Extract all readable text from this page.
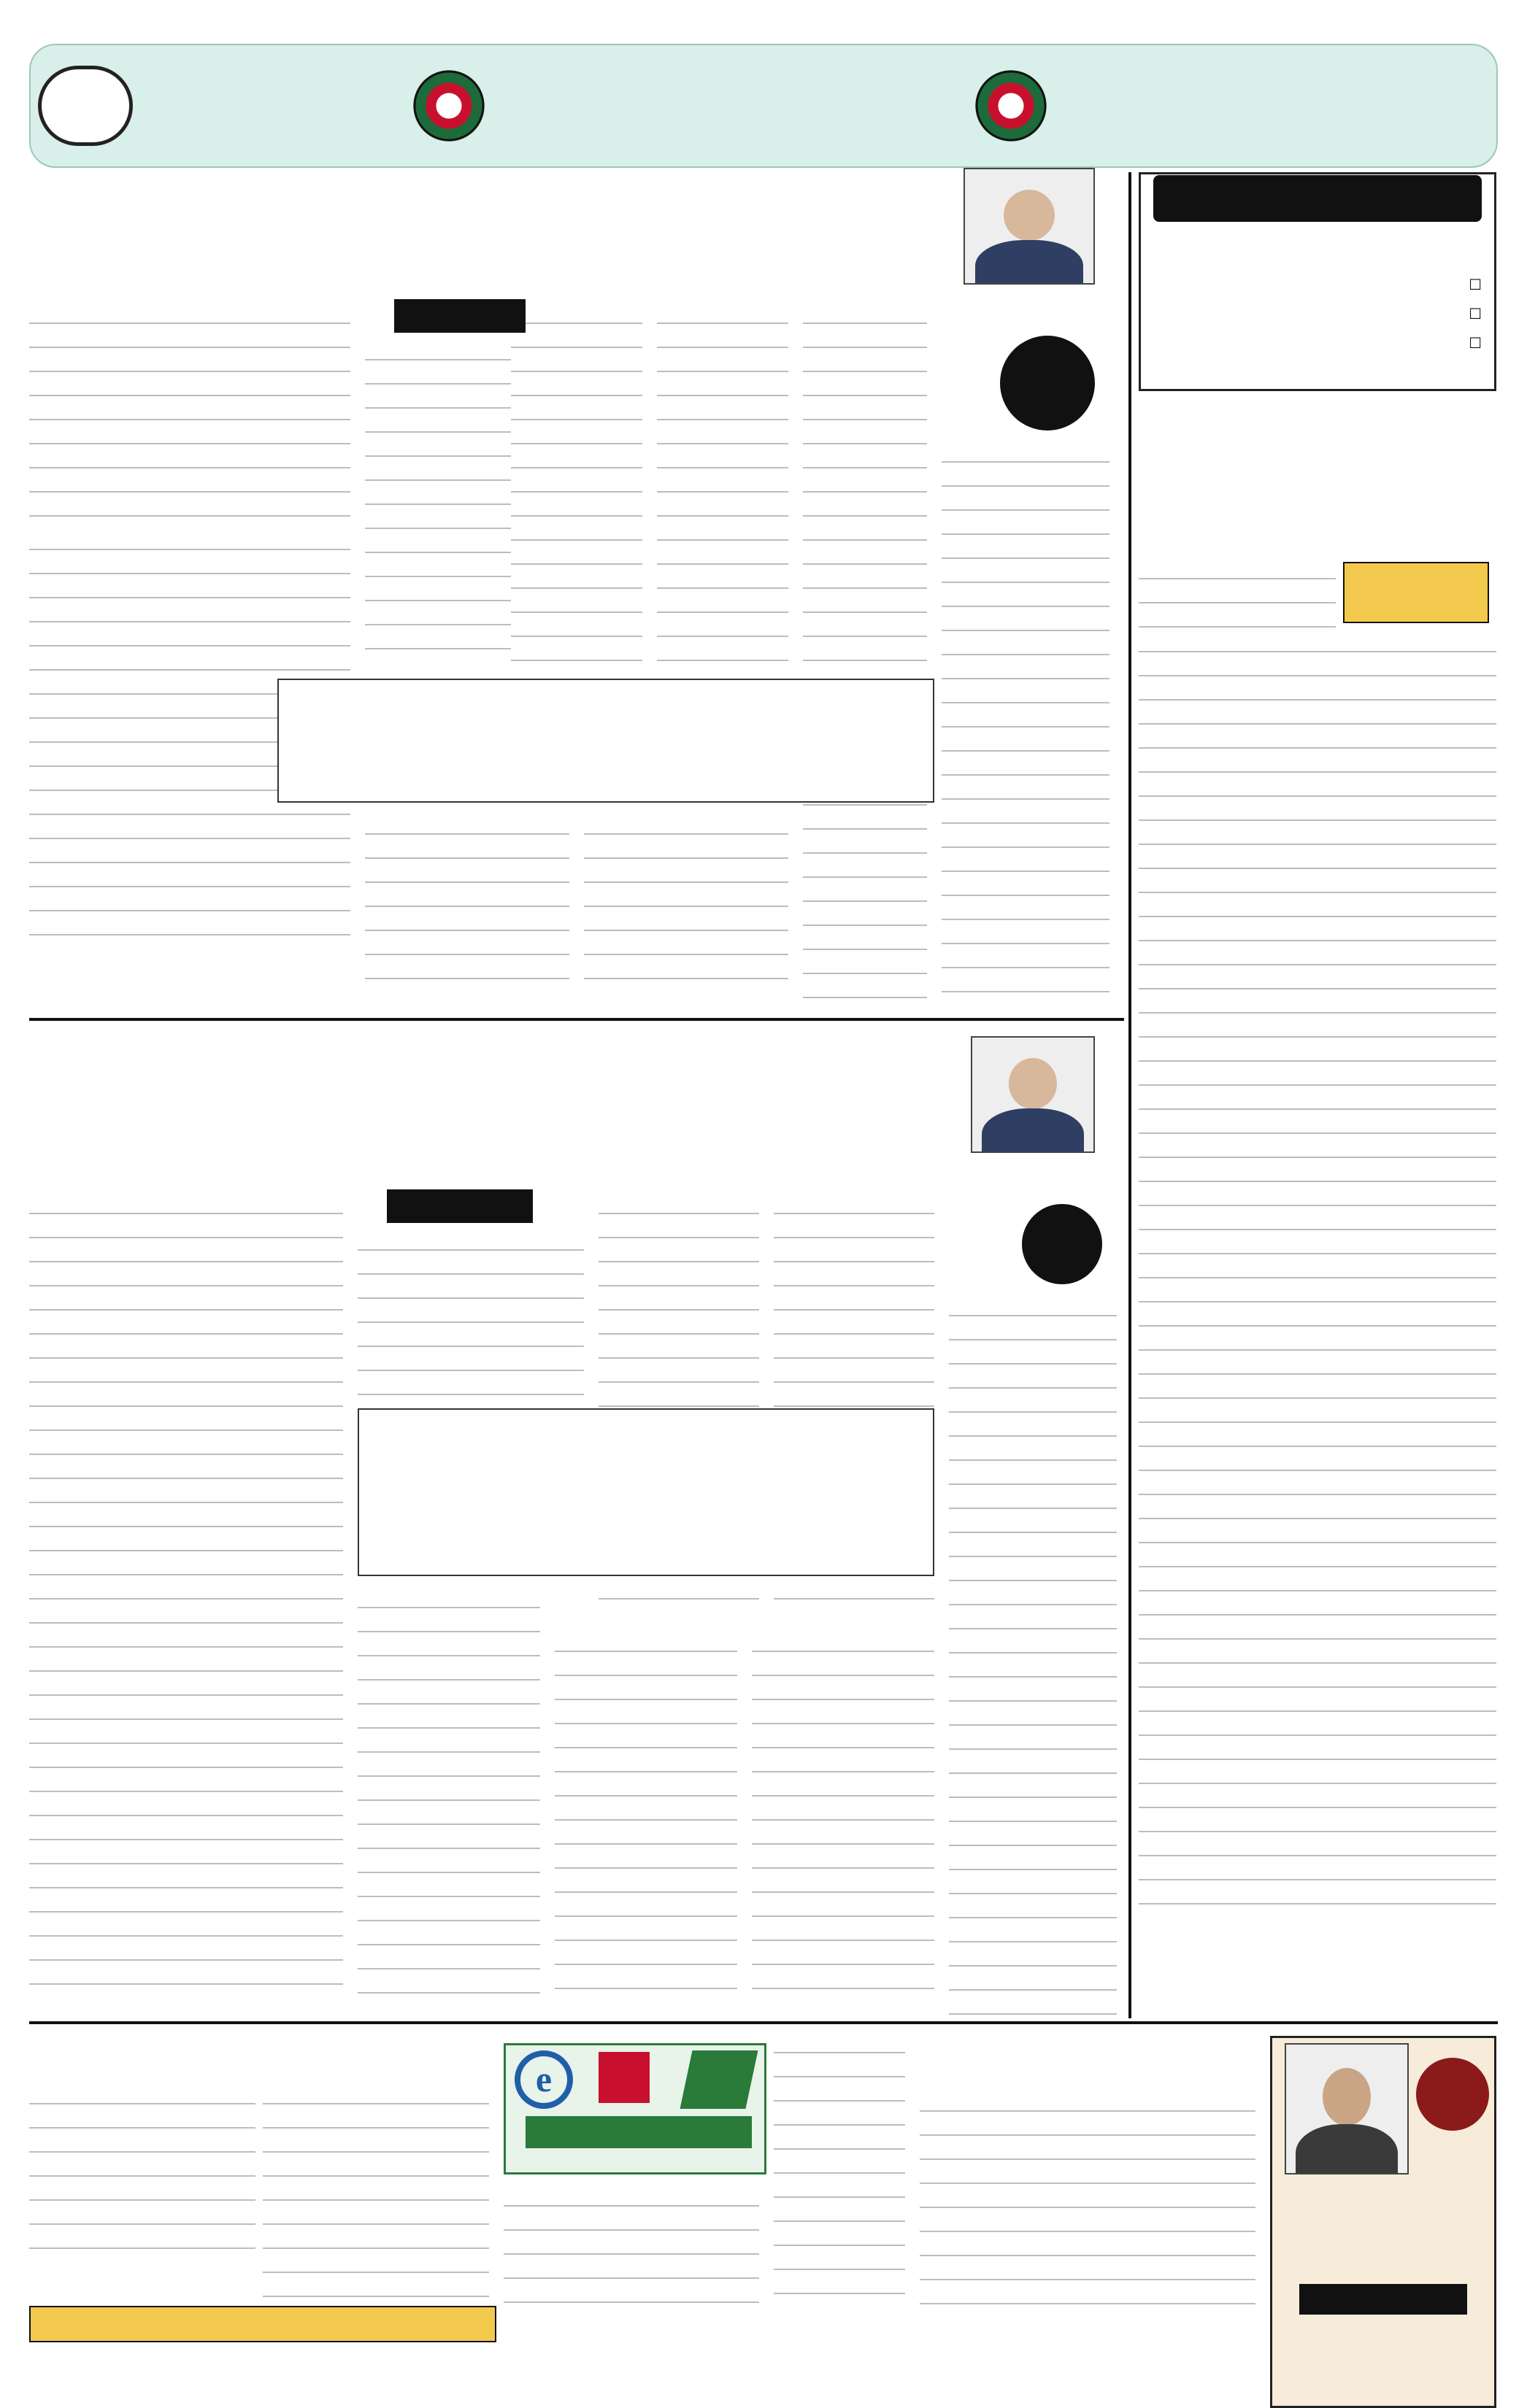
☐
☐
☐
e
